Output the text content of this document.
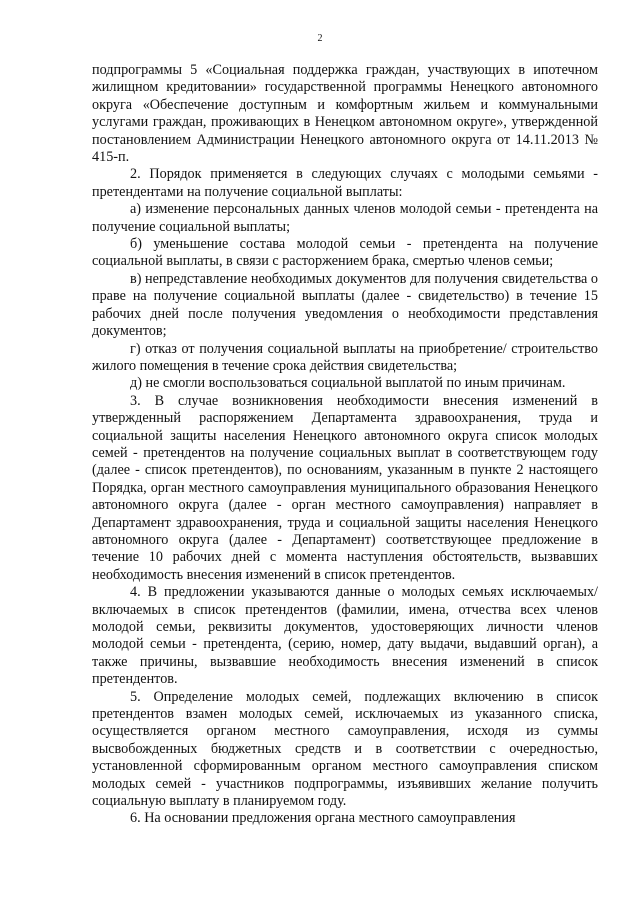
2

подпрограммы 5 «Социальная поддержка граждан, участвующих в ипотечном жилищном кредитовании» государственной программы Ненецкого автономного округа «Обеспечение доступным и комфортным жильем и коммунальными услугами граждан, проживающих в Ненецком автономном округе», утвержденной постановлением Администрации Ненецкого автономного округа от 14.11.2013 № 415-п.

2. Порядок применяется в следующих случаях с молодыми семьями - претендентами на получение социальной выплаты:

а) изменение персональных данных членов молодой семьи - претендента на получение социальной выплаты;

б) уменьшение состава молодой семьи - претендента на получение социальной выплаты, в связи с расторжением брака, смертью членов семьи;

в) непредставление необходимых документов для получения свидетельства о праве на получение социальной выплаты (далее - свидетельство) в течение 15 рабочих дней после получения уведомления о необходимости представления документов;

г) отказ от получения социальной выплаты на приобретение/ строительство жилого помещения в течение срока действия свидетельства;

д) не смогли воспользоваться социальной выплатой по иным причинам.

3. В случае возникновения необходимости внесения изменений в утвержденный распоряжением Департамента здравоохранения, труда и социальной защиты населения Ненецкого автономного округа список молодых семей - претендентов на получение социальных выплат в соответствующем году (далее - список претендентов), по основаниям, указанным в пункте 2 настоящего Порядка, орган местного самоуправления муниципального образования Ненецкого автономного округа (далее - орган местного самоуправления) направляет в Департамент здравоохранения, труда и социальной защиты населения Ненецкого автономного округа (далее - Департамент) соответствующее предложение в течение 10 рабочих дней с момента наступления обстоятельств, вызвавших необходимость внесения изменений в список претендентов.

4. В предложении указываются данные о молодых семьях исключаемых/включаемых в список претендентов (фамилии, имена, отчества всех членов молодой семьи, реквизиты документов, удостоверяющих личности членов молодой семьи - претендента, (серию, номер, дату выдачи, выдавший орган), а также причины, вызвавшие необходимость внесения изменений в список претендентов.

5. Определение молодых семей, подлежащих включению в список претендентов взамен молодых семей, исключаемых из указанного списка, осуществляется органом местного самоуправления, исходя из суммы высвобожденных бюджетных средств и в соответствии с очередностью, установленной сформированным органом местного самоуправления списком молодых семей - участников подпрограммы, изъявивших желание получить социальную выплату в планируемом году.

6. На основании предложения органа местного самоуправления
